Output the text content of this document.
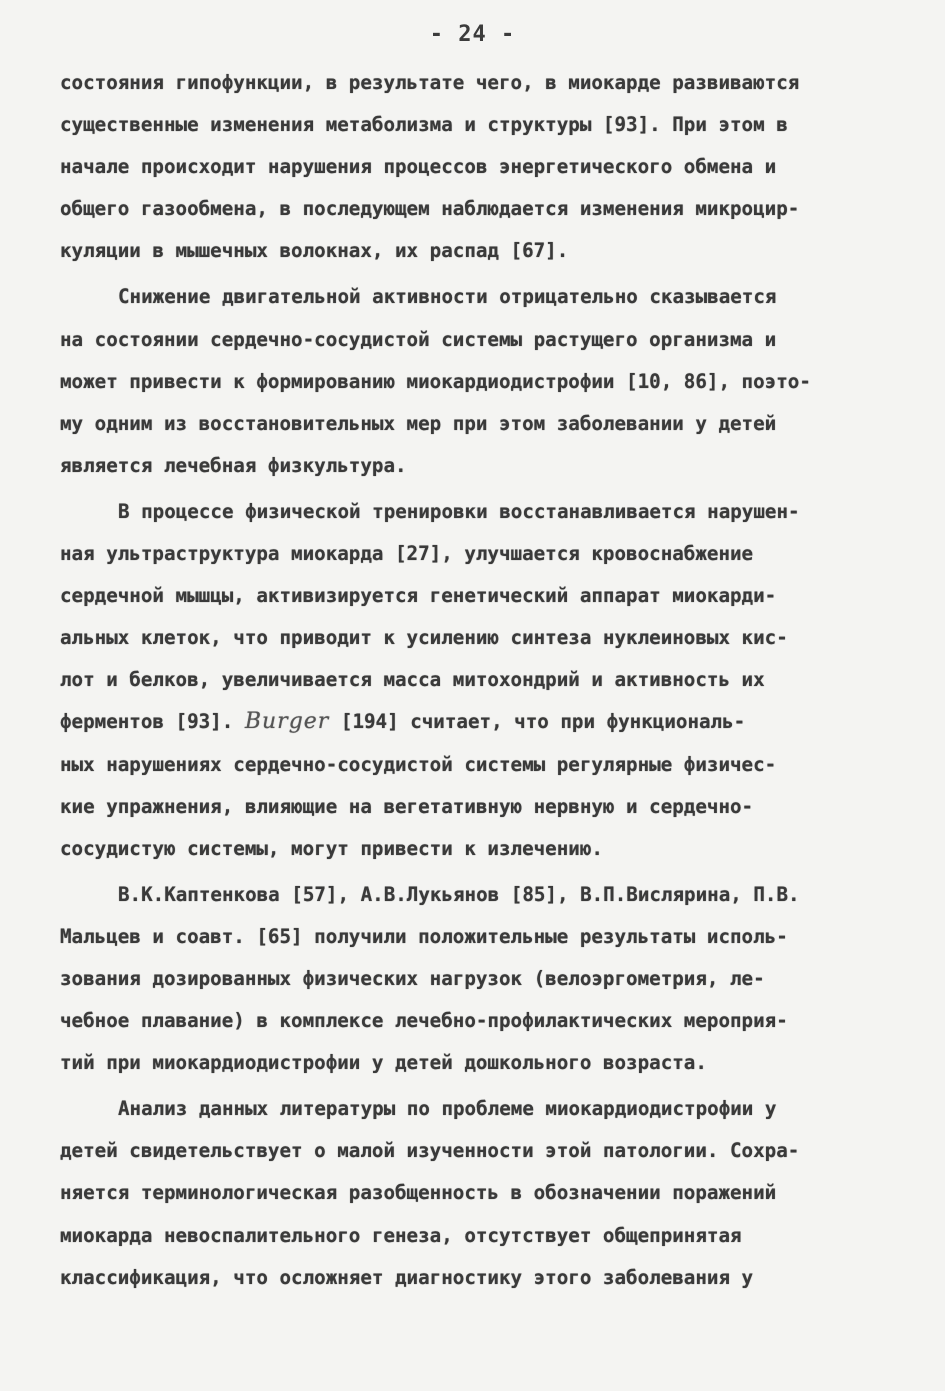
- 24 -
состояния гипофункции, в результате чего, в миокарде развиваются
существенные изменения метаболизма и структуры [93]. При этом в
начале происходит нарушения процессов энергетического обмена и
общего газообмена, в последующем наблюдается изменения микроцир-
куляции в мышечных волокнах, их распад [67].
Снижение двигательной активности отрицательно сказывается
на состоянии сердечно-сосудистой системы растущего организма и
может привести к формированию миокардиодистрофии [10, 86], поэто-
му одним из восстановительных мер при этом заболевании у детей
является лечебная физкультура.
В процессе физической тренировки восстанавливается нарушен-
ная ультраструктура миокарда [27], улучшается кровоснабжение
сердечной мышцы, активизируется генетический аппарат миокарди-
альных клеток, что приводит к усилению синтеза нуклеиновых кис-
лот и белков, увеличивается масса митохондрий и активность их
ферментов [93]. Burger [194] считает, что при функциональ-
ных нарушениях сердечно-сосудистой системы регулярные физичес-
кие упражнения, влияющие на вегетативную нервную и сердечно-
сосудистую системы, могут привести к излечению.
В.К.Каптенкова [57], А.В.Лукьянов [85], В.П.Вислярина, П.В.
Мальцев и соавт. [65] получили положительные результаты исполь-
зования дозированных физических нагрузок (велоэргометрия, ле-
чебное плавание) в комплексе лечебно-профилактических мероприя-
тий при миокардиодистрофии у детей дошкольного возраста.
Анализ данных литературы по проблеме миокардиодистрофии у
детей свидетельствует о малой изученности этой патологии. Сохра-
няется терминологическая разобщенность в обозначении поражений
миокарда невоспалительного генеза, отсутствует общепринятая
классификация, что осложняет диагностику этого заболевания у
